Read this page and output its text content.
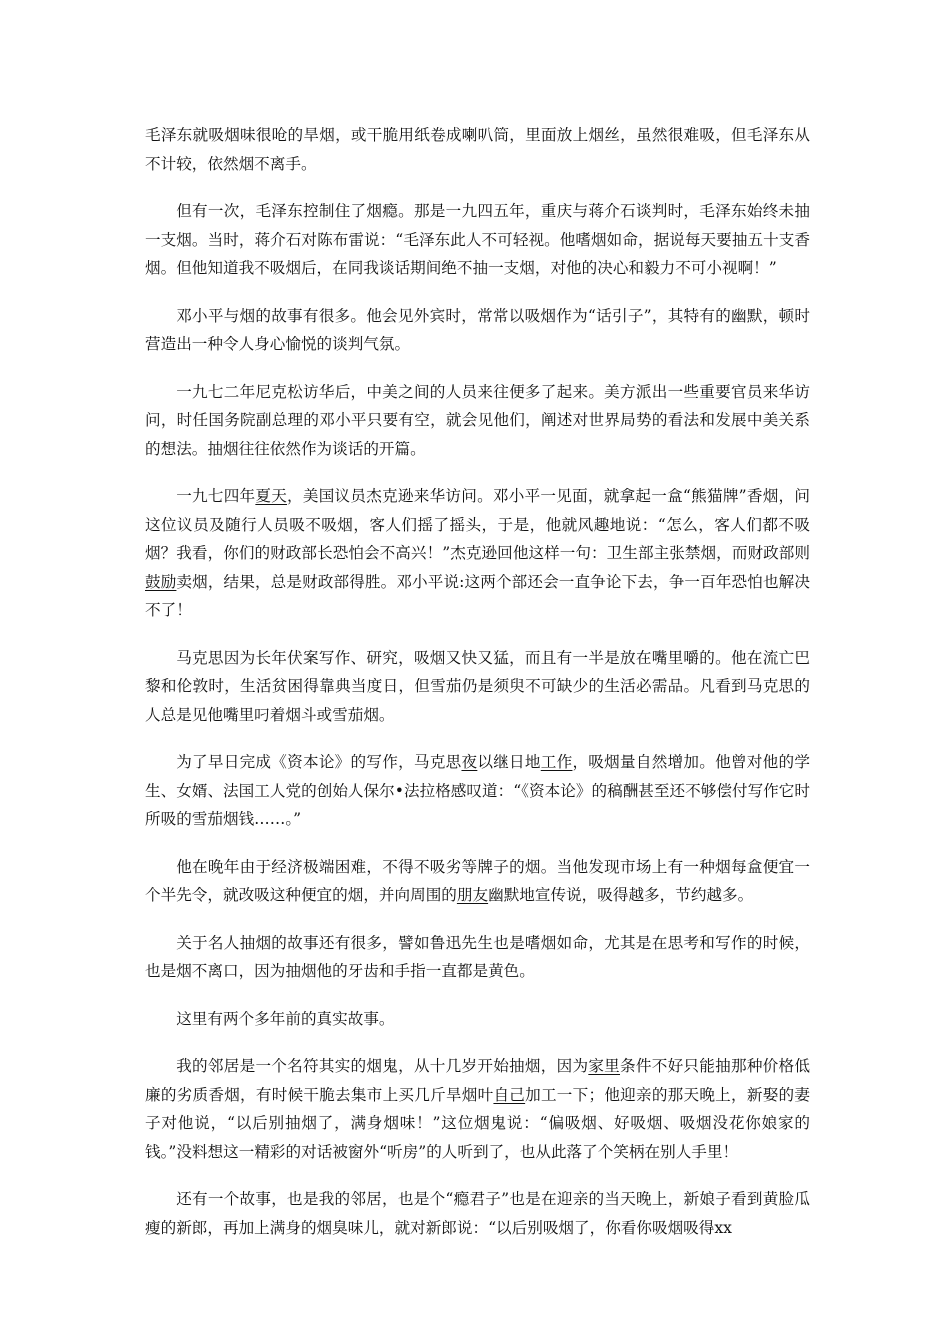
毛泽东就吸烟味很呛的旱烟，或干脆用纸卷成喇叭筒，里面放上烟丝，虽然很难吸，但毛泽东从不计较，依然烟不离手。

但有一次，毛泽东控制住了烟瘾。那是一九四五年，重庆与蒋介石谈判时，毛泽东始终未抽一支烟。当时，蒋介石对陈布雷说：“毛泽东此人不可轻视。他嗜烟如命，据说每天要抽五十支香烟。但他知道我不吸烟后，在同我谈话期间绝不抽一支烟，对他的决心和毅力不可小视啊！”

邓小平与烟的故事有很多。他会见外宾时，常常以吸烟作为“话引子”，其特有的幽默，顿时营造出一种令人身心愉悦的谈判气氛。

一九七二年尼克松访华后，中美之间的人员来往便多了起来。美方派出一些重要官员来华访问，时任国务院副总理的邓小平只要有空，就会见他们，阐述对世界局势的看法和发展中美关系的想法。抽烟往往依然作为谈话的开篇。

一九七四年夏天，美国议员杰克逊来华访问。邓小平一见面，就拿起一盒“熊猫牌”香烟，问这位议员及随行人员吸不吸烟，客人们摇了摇头，于是，他就风趣地说：“怎么，客人们都不吸烟？我看，你们的财政部长恐怕会不高兴！”杰克逊回他这样一句：卫生部主张禁烟，而财政部则鼓励卖烟，结果，总是财政部得胜。邓小平说:这两个部还会一直争论下去，争一百年恐怕也解决不了！

马克思因为长年伏案写作、研究，吸烟又快又猛，而且有一半是放在嘴里嚼的。他在流亡巴黎和伦敦时，生活贫困得靠典当度日，但雪茄仍是须臾不可缺少的生活必需品。凡看到马克思的人总是见他嘴里叼着烟斗或雪茄烟。

为了早日完成《资本论》的写作，马克思夜以继日地工作，吸烟量自然增加。他曾对他的学生、女婿、法国工人党的创始人保尔•法拉格感叹道：“《资本论》的稿酬甚至还不够偿付写作它时所吸的雪茄烟钱……。”

他在晚年由于经济极端困难，不得不吸劣等牌子的烟。当他发现市场上有一种烟每盒便宜一个半先令，就改吸这种便宜的烟，并向周围的朋友幽默地宣传说，吸得越多，节约越多。

关于名人抽烟的故事还有很多，譬如鲁迅先生也是嗜烟如命，尤其是在思考和写作的时候，也是烟不离口，因为抽烟他的牙齿和手指一直都是黄色。

这里有两个多年前的真实故事。

我的邻居是一个名符其实的烟鬼，从十几岁开始抽烟，因为家里条件不好只能抽那种价格低廉的劣质香烟，有时候干脆去集市上买几斤旱烟叶自己加工一下；他迎亲的那天晚上，新娶的妻子对他说，“以后别抽烟了，满身烟味！”这位烟鬼说：“偏吸烟、好吸烟、吸烟没花你娘家的钱。”没料想这一精彩的对话被窗外“听房”的人听到了，也从此落了个笑柄在别人手里！

还有一个故事，也是我的邻居，也是个“瘾君子”也是在迎亲的当天晚上，新娘子看到黄脸瓜瘦的新郎，再加上满身的烟臭味儿，就对新郎说：“以后别吸烟了，你看你吸烟吸得xx
